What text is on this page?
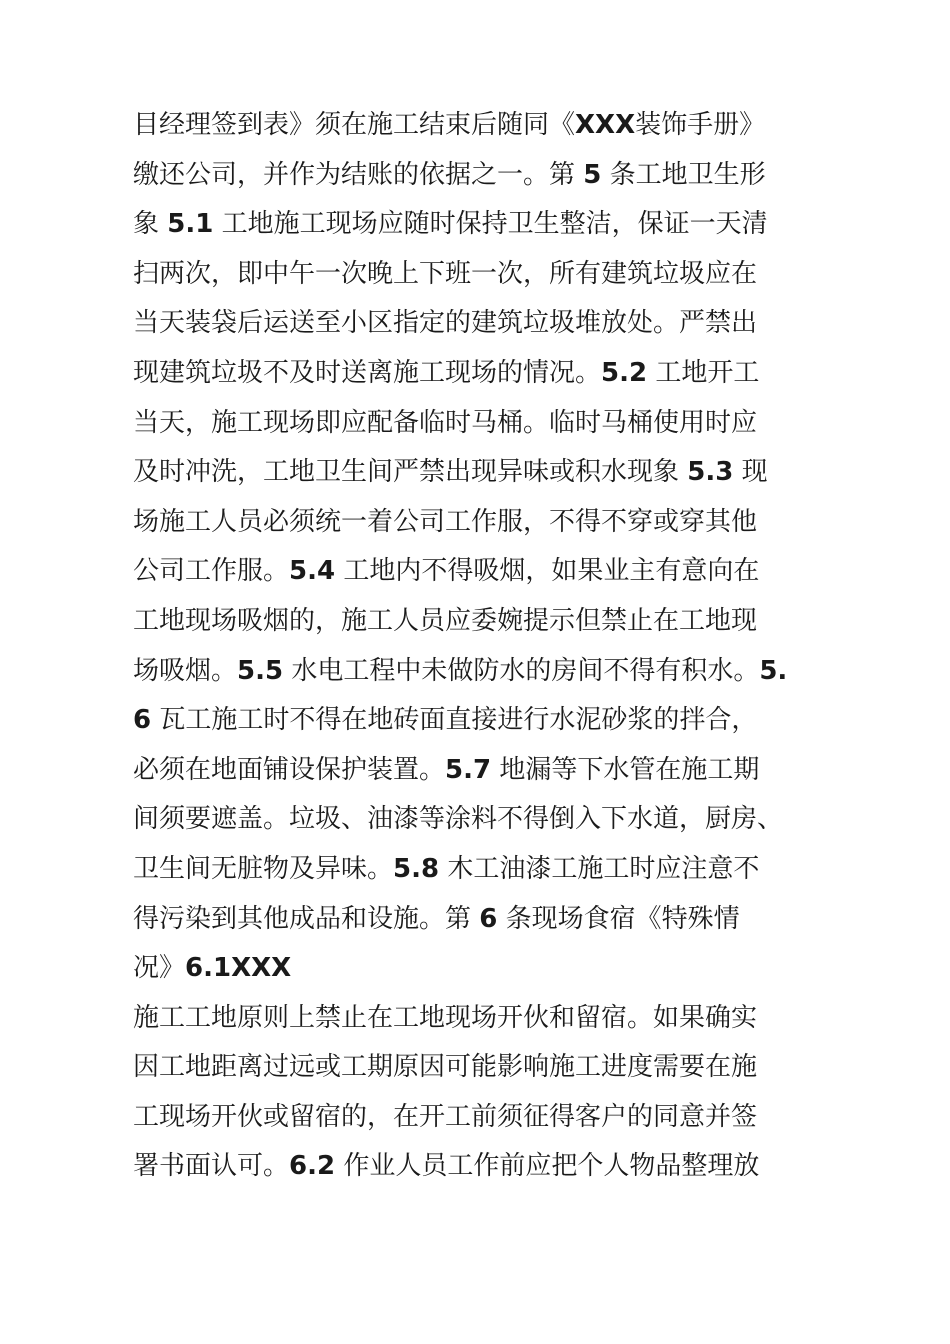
目经理签到表》须在施工结束后随同《XXX装饰手册》
缴还公司，并作为结账的依据之一。第 5 条工地卫生形
象 5.1 工地施工现场应随时保持卫生整洁，保证一天清
扫两次，即中午一次晚上下班一次，所有建筑垃圾应在
当天装袋后运送至小区指定的建筑垃圾堆放处。严禁出
现建筑垃圾不及时送离施工现场的情况。5.2 工地开工
当天，施工现场即应配备临时马桶。临时马桶使用时应
及时冲洗，工地卫生间严禁出现异味或积水现象 5.3 现
场施工人员必须统一着公司工作服，不得不穿或穿其他
公司工作服。5.4 工地内不得吸烟，如果业主有意向在
工地现场吸烟的，施工人员应委婉提示但禁止在工地现
场吸烟。5.5 水电工程中未做防水的房间不得有积水。5.
6 瓦工施工时不得在地砖面直接进行水泥砂浆的拌合，
必须在地面铺设保护装置。5.7 地漏等下水管在施工期
间须要遮盖。垃圾、油漆等涂料不得倒入下水道，厨房、
卫生间无脏物及异味。5.8 木工油漆工施工时应注意不
得污染到其他成品和设施。第 6 条现场食宿《特殊情
况》6.1XXX
施工工地原则上禁止在工地现场开伙和留宿。如果确实
因工地距离过远或工期原因可能影响施工进度需要在施
工现场开伙或留宿的，在开工前须征得客户的同意并签
署书面认可。6.2 作业人员工作前应把个人物品整理放
